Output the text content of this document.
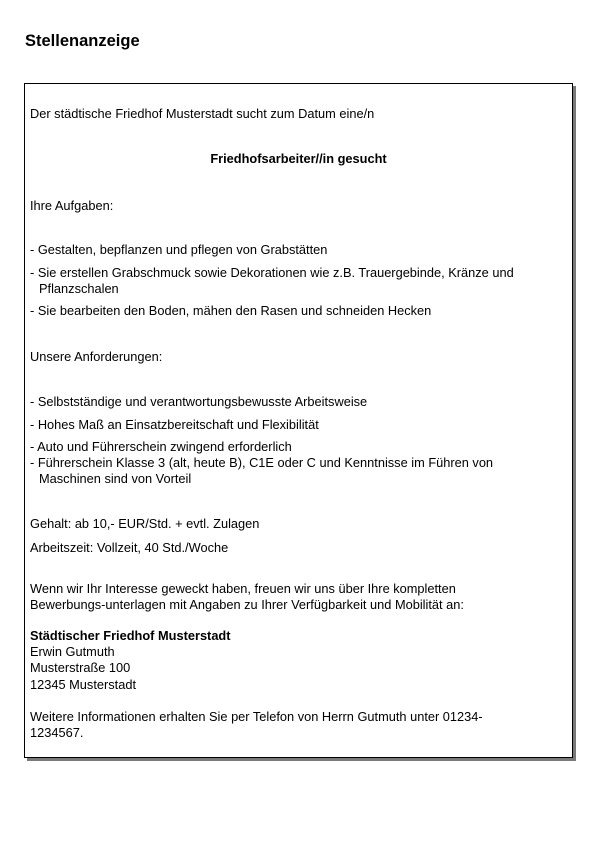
Stellenanzeige

Der städtische Friedhof Musterstadt sucht zum Datum eine/n

Friedhofsarbeiter//in gesucht

Ihre Aufgaben:

- Gestalten, bepflanzen und pflegen von Grabstätten

- Sie erstellen Grabschmuck sowie Dekorationen wie z.B. Trauergebinde, Kränze und

Pflanzschalen

- Sie bearbeiten den Boden, mähen den Rasen und schneiden Hecken

Unsere Anforderungen:

- Selbstständige und verantwortungsbewusste Arbeitsweise

- Hohes Maß an Einsatzbereitschaft und Flexibilität

- Auto und Führerschein zwingend erforderlich

- Führerschein Klasse 3 (alt, heute B), C1E oder C und Kenntnisse im Führen von

Maschinen sind von Vorteil

Gehalt: ab 10,- EUR/Std. + evtl. Zulagen

Arbeitszeit: Vollzeit, 40 Std./Woche

Wenn wir Ihr Interesse geweckt haben, freuen wir uns über Ihre kompletten

Bewerbungs-unterlagen mit Angaben zu Ihrer Verfügbarkeit und Mobilität an:

Städtischer Friedhof Musterstadt

Erwin Gutmuth

Musterstraße 100

12345 Musterstadt

Weitere Informationen erhalten Sie per Telefon von Herrn Gutmuth unter 01234-

1234567.
